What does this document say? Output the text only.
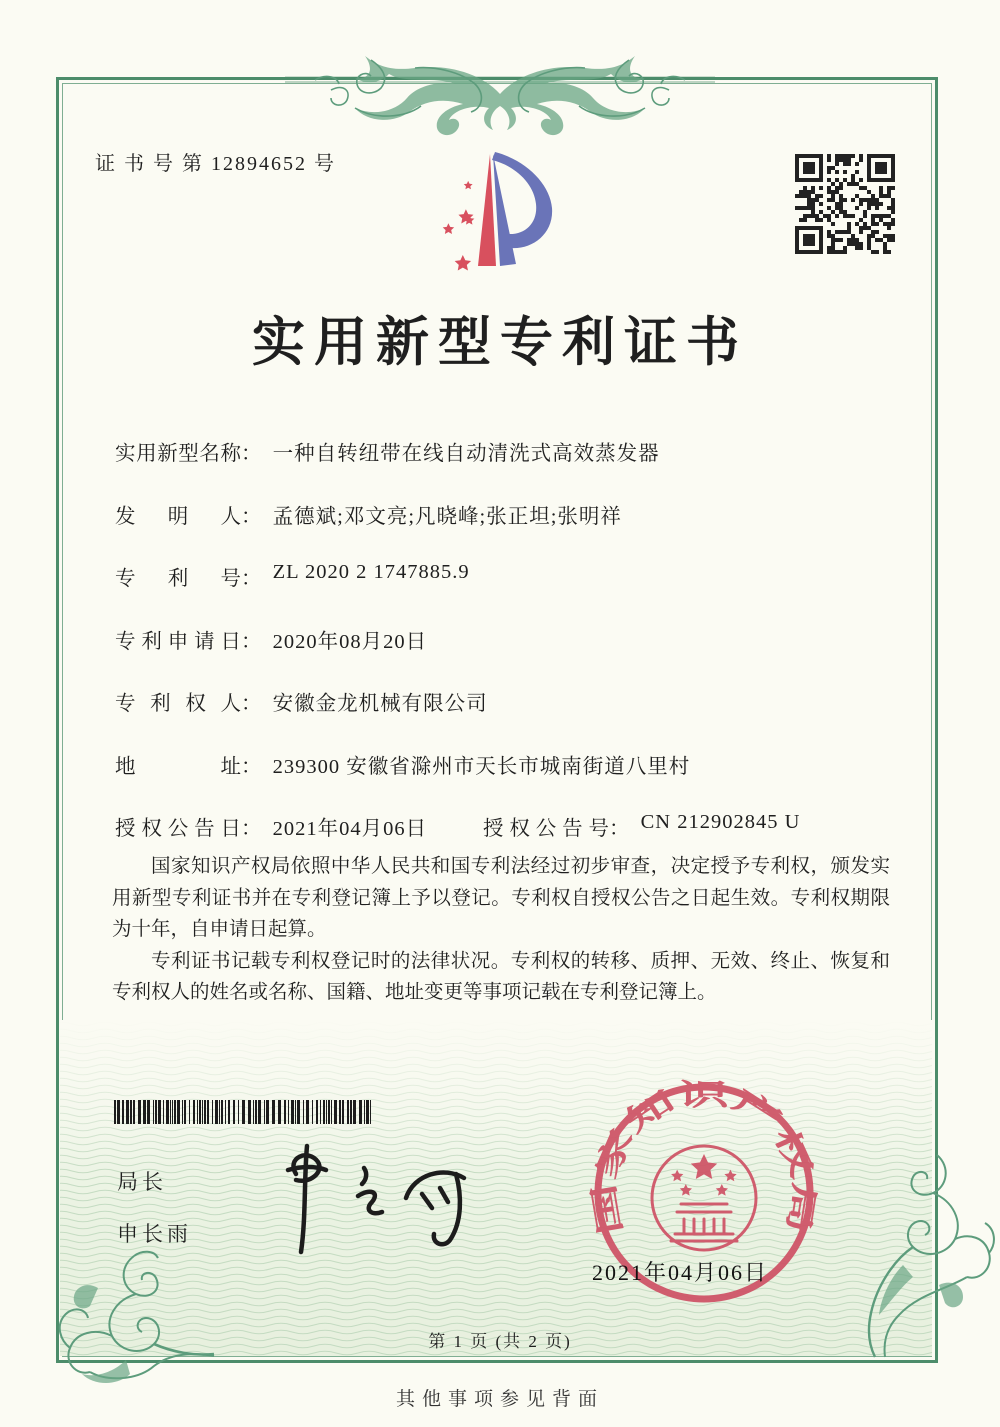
证 书 号 第 12894652 号
实用新型专利证书
实用新型名称： 一种自转纽带在线自动清洗式高效蒸发器
发明人： 孟德斌;邓文亮;凡晓峰;张正坦;张明祥
专利号： ZL 2020 2 1747885.9
专利申请日： 2020年08月20日
专利权人： 安徽金龙机械有限公司
地址： 239300 安徽省滁州市天长市城南街道八里村
授权公告日： 2021年04月06日	授权公告号： CN 212902845 U

国家知识产权局依照中华人民共和国专利法经过初步审查，决定授予专利权，颁发实用新型专利证书并在专利登记簿上予以登记。专利权自授权公告之日起生效。专利权期限为十年，自申请日起算。

专利证书记载专利权登记时的法律状况。专利权的转移、质押、无效、终止、恢复和专利权人的姓名或名称、国籍、地址变更等事项记载在专利登记簿上。

局长
申长雨	国家知识产权局
2021年04月06日
第 1 页 (共 2 页)
其他事项参见背面
